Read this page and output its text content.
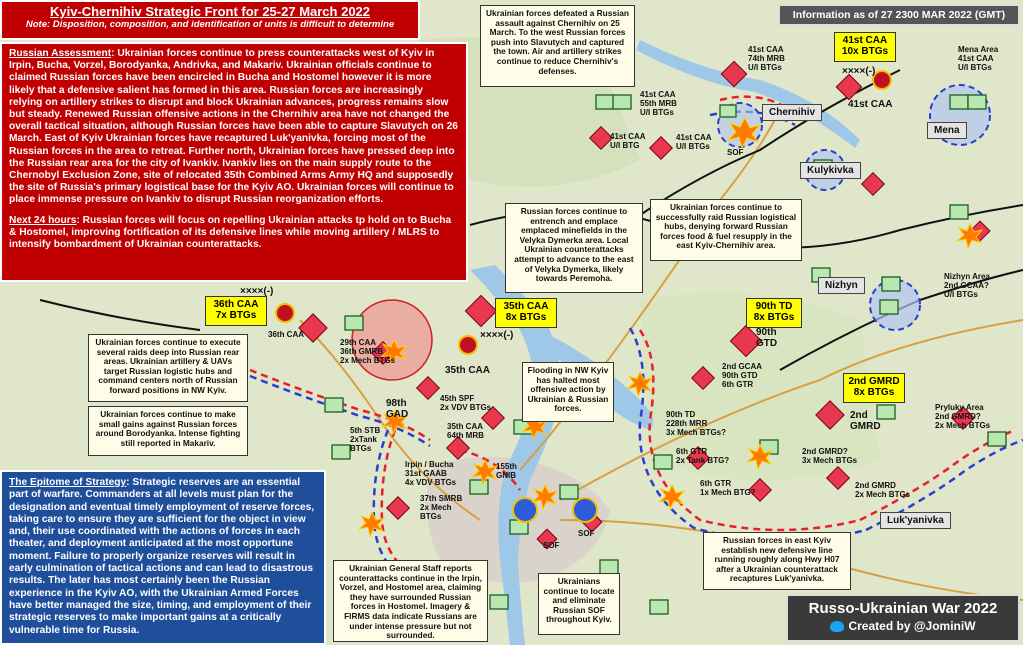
Kyiv-Chernihiv Strategic Front for 25-27 March 2022
Note: Disposition, composition, and identification of units is difficult to determine
Information as of 27 2300 MAR 2022 (GMT)
Russian Assessment: Ukrainian forces continue to press counterattacks west of Kyiv in Irpin, Bucha, Vorzel, Borodyanka, Andrivka, and Makariv. Ukrainian officials continue to claimed Russian forces have been encircled in Bucha and Hostomel however it is more likely that a defensive salient has formed in this area. Russian forces are increasingly relying on artillery strikes to disrupt and block Ukrainian advances, progress remains slow but steady. Renewed Russian offensive actions in the Chernihiv area have not changed the overall tactical situation, although Russian forces have been able to capture Slavutych on 26 March. East of Kyiv Ukrainian forces have recaptured Luk'yanivka, forcing most of the Russian forces in the area to retreat. Further north, Ukrainian forces have pressed deep into the Russian rear area for the city of Ivankiv. Ivankiv lies on the main supply route to the Chernobyl Exclusion Zone, site of relocated 35th Combined Arms Army HQ and supposedly the site of Russia's primary logistical base for the Kyiv AO. Ukrainian forces will continue to place immense pressure on Ivankiv to disrupt Russian reorganization efforts.
Next 24 hours: Russian forces will focus on repelling Ukrainian attacks tp hold on to Bucha & Hostomel, improving fortification of its defensive lines while moving artillery / MLRS to intensify bombardment of Ukrainian counterattacks.
The Epitome of Strategy: Strategic reserves are an essential part of warfare. Commanders at all levels must plan for the designation and eventual timely employment of reserve forces, taking care to ensure they are sufficient for the object in view and, their use coordinated with the actions of forces in each theater, and deployment anticipated at the most opportune moment. Failure to properly organize reserves will result in early culmination of tactical actions and can lead to disastrous results. The later has most certainly been the Russian experience in the Kyiv AO, with the Ukrainian Armed Forces have better managed the size, timing, and employment of their strategic reserves to make important gains at a critically vulnerable time for Russia.
Ukrainian forces defeated a Russian assault against Chernihiv on 25 March. To the west Russian forces push into Slavutych and captured the town. Air and artillery strikes continue to reduce Chernihiv's defenses.
Russian forces continue to entrench and emplace emplaced minefields in the Velyka Dymerka area. Local Ukrainian counterattacks attempt to advance to the east of Velyka Dymerka, likely towards Peremoha.
Ukrainian forces continue to successfully raid Russian logistical hubs, denying forward Russian forces food & fuel resupply in the east Kyiv-Chernihiv area.
Ukrainian forces continue to execute several raids deep into Russian rear areas. Ukrainian artillery & UAVs target Russian logistic hubs and command centers north of Russian forward positions in NW Kyiv.
Ukrainian forces continue to make small gains against Russian forces around Borodyanka. Intense fighting still reported in Makariv.
Flooding in NW Kyiv has halted most offensive action by Ukrainian & Russian forces.
Ukrainian General Staff reports counterattacks continue in the Irpin, Vorzel, and Hostomel area, claiming they have surrounded Russian forces in Hostomel. Imagery & FIRMS data indicate Russians are under intense pressure but not surrounded.
Ukrainians continue to locate and eliminate Russian SOF throughout Kyiv.
Russian forces in east Kyiv establish new defensive line running roughly along Hwy H07 after a Ukrainian counterattack recaptures Luk'yanivka.
41st CAA
10x BTGs
36th CAA
7x BTGs
35th CAA
8x BTGs
90th TD
8x BTGs
2nd GMRD
8x BTGs
Chernihiv
Mena
Kulykivka
Nizhyn
Luk'yanivka
41st CAA
74th MRB
U/I BTGs
41st CAA
55th MRB
U/I BTGs
41st CAA
U/I BTG
41st CAA
U/I BTGs
41st CAA
Mena Area
41st CAA
U/I BTGs
Nizhyn Area
2nd GCAA?
U/I BTGs
36th CAA
29th CAA
36th GMRB
2x Mech BTGs
35th CAA
98th
GAD
5th STB
2xTank
BTGs
45th SPF
2x VDV BTGs
35th CAA
64th MRB
Irpin / Bucha
31st GAAB
4x VDV BTGs
37th SMRB
2x Mech
BTGs
155th
GNIB
2nd GCAA
90th GTD
6th GTR
90th TD
228th MRR
3x Mech BTGs?
6th GTR
2x Tank BTG?
6th GTR
1x Mech BTG?
90th
GTD
2nd
GMRD
2nd GMRD?
3x Mech BTGs
2nd GMRD
2x Mech BTGs
Pryluky Area
2nd GMRD?
2x Mech BTGs
SOF
SOF
SOF
××××(-)
××××(-)
××××(-)
Russo-Ukrainian War 2022
Created by @JominiW
